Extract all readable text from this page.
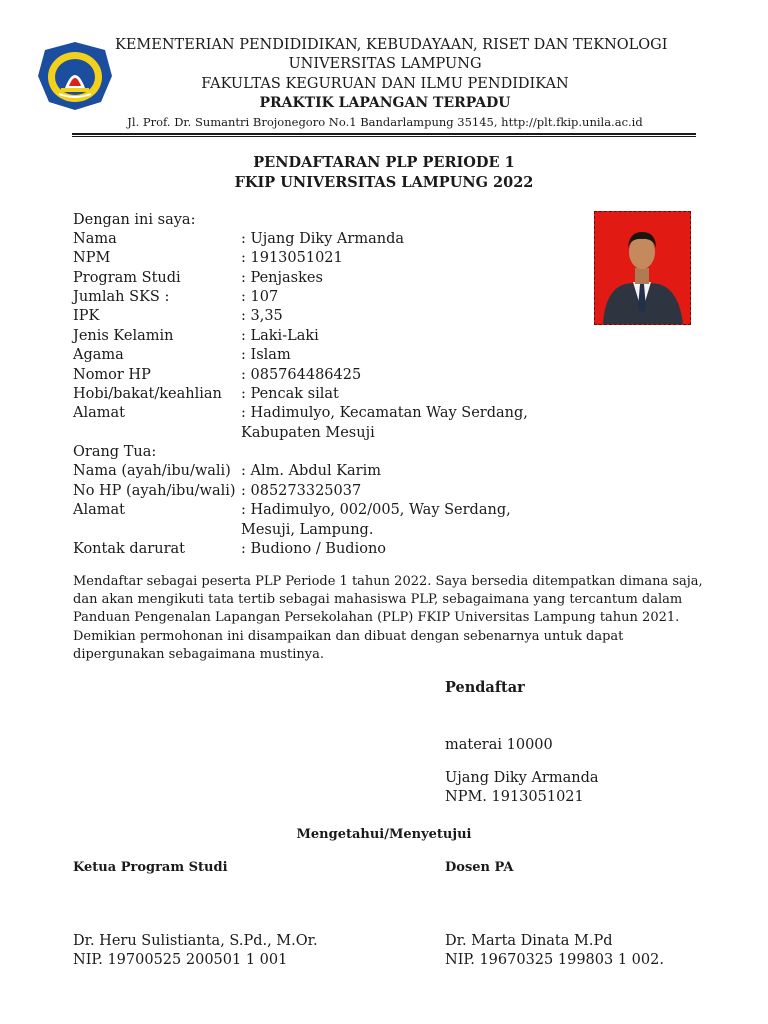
KEMENTERIAN PENDIDIDIKAN, KEBUDAYAAN, RISET DAN TEKNOLOGI
UNIVERSITAS LAMPUNG
FAKULTAS KEGURUAN DAN ILMU PENDIDIKAN
PRAKTIK LAPANGAN TERPADU
Jl. Prof. Dr. Sumantri Brojonegoro No.1 Bandarlampung 35145, http://plt.fkip.unila.ac.id
PENDAFTARAN PLP PERIODE 1
FKIP UNIVERSITAS LAMPUNG 2022
Dengan ini saya:
Nama	: Ujang Diky Armanda
NPM	: 1913051021
Program Studi	: Penjaskes
Jumlah SKS :	: 107
IPK	: 3,35
Jenis Kelamin	: Laki-Laki
Agama	: Islam
Nomor HP	: 085764486425
Hobi/bakat/keahlian : Pencak silat
Alamat	: Hadimulyo, Kecamatan Way Serdang,
Kabupaten Mesuji
Orang Tua:
Nama (ayah/ibu/wali) : Alm. Abdul Karim
No HP (ayah/ibu/wali) : 085273325037
Alamat	: Hadimulyo, 002/005, Way Serdang,
Mesuji, Lampung.
Kontak darurat	: Budiono / Budiono
Mendaftar sebagai peserta PLP Periode 1 tahun 2022. Saya bersedia ditempatkan dimana saja,
dan akan mengikuti tata tertib sebagai mahasiswa PLP, sebagaimana yang tercantum dalam
Panduan Pengenalan Lapangan Persekolahan (PLP) FKIP Universitas Lampung tahun 2021.
Demikian permohonan ini disampaikan dan dibuat dengan sebenarnya untuk dapat
dipergunakan sebagaimana mustinya.
Pendaftar
materai 10000
Ujang Diky Armanda
NPM. 1913051021
Mengetahui/Menyetujui
Ketua Program Studi	Dosen PA
Dr. Heru Sulistianta, S.Pd., M.Or.
NIP. 19700525 200501 1 001
Dr. Marta Dinata M.Pd
NIP. 19670325 199803 1 002.
